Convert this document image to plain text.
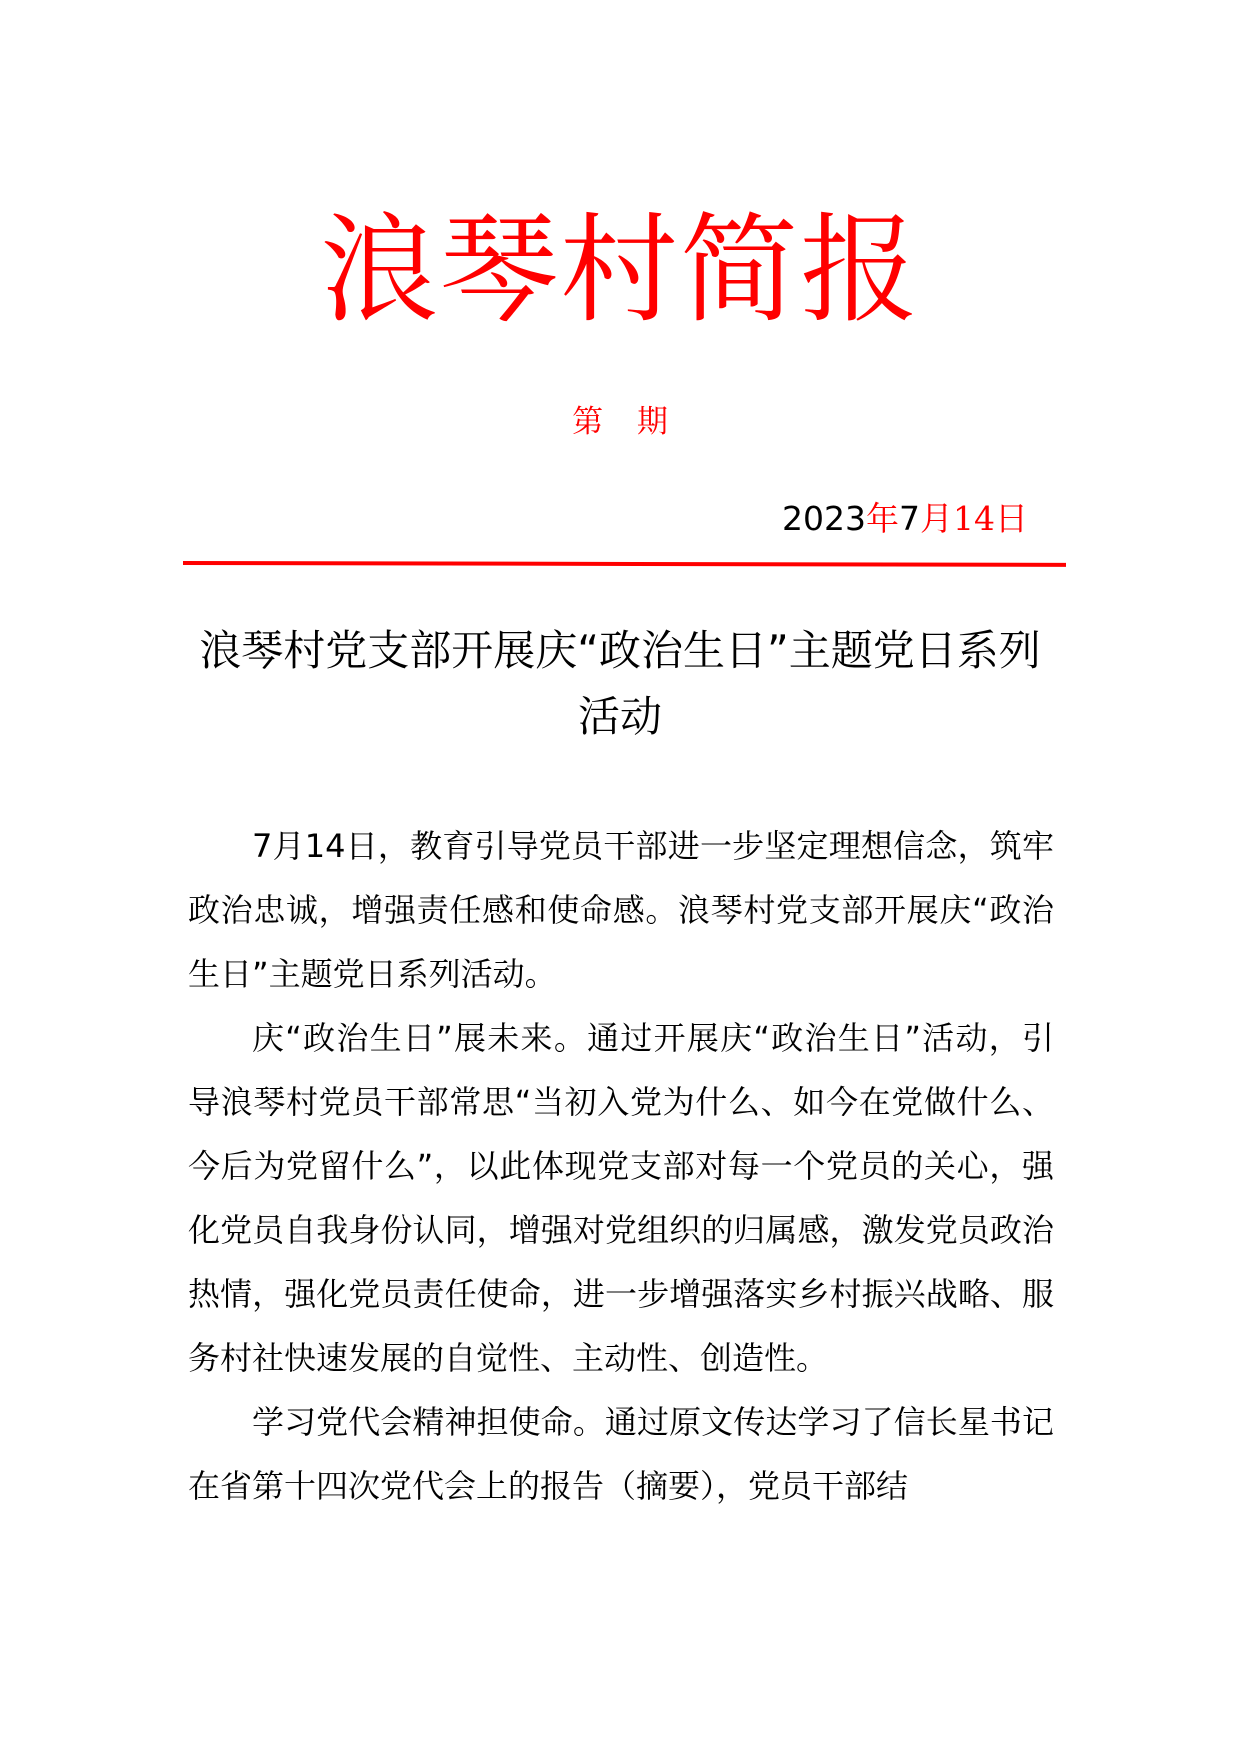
浪琴村简报
第 期
2023年7月14日
浪琴村党支部开展庆“政治生日”主题党日系列活动

7月14日，教育引导党员干部进一步坚定理想信念，筑牢政治忠诚，增强责任感和使命感。浪琴村党支部开展庆“政治生日”主题党日系列活动。

庆“政治生日”展未来。通过开展庆“政治生日”活动，引导浪琴村党员干部常思“当初入党为什么、如今在党做什么、今后为党留什么”，以此体现党支部对每一个党员的关心，强化党员自我身份认同，增强对党组织的归属感，激发党员政治热情，强化党员责任使命，进一步增强落实乡村振兴战略、服务村社快速发展的自觉性、主动性、创造性。

学习党代会精神担使命。通过原文传达学习了信长星书记在省第十四次党代会上的报告（摘要），党员干部结
